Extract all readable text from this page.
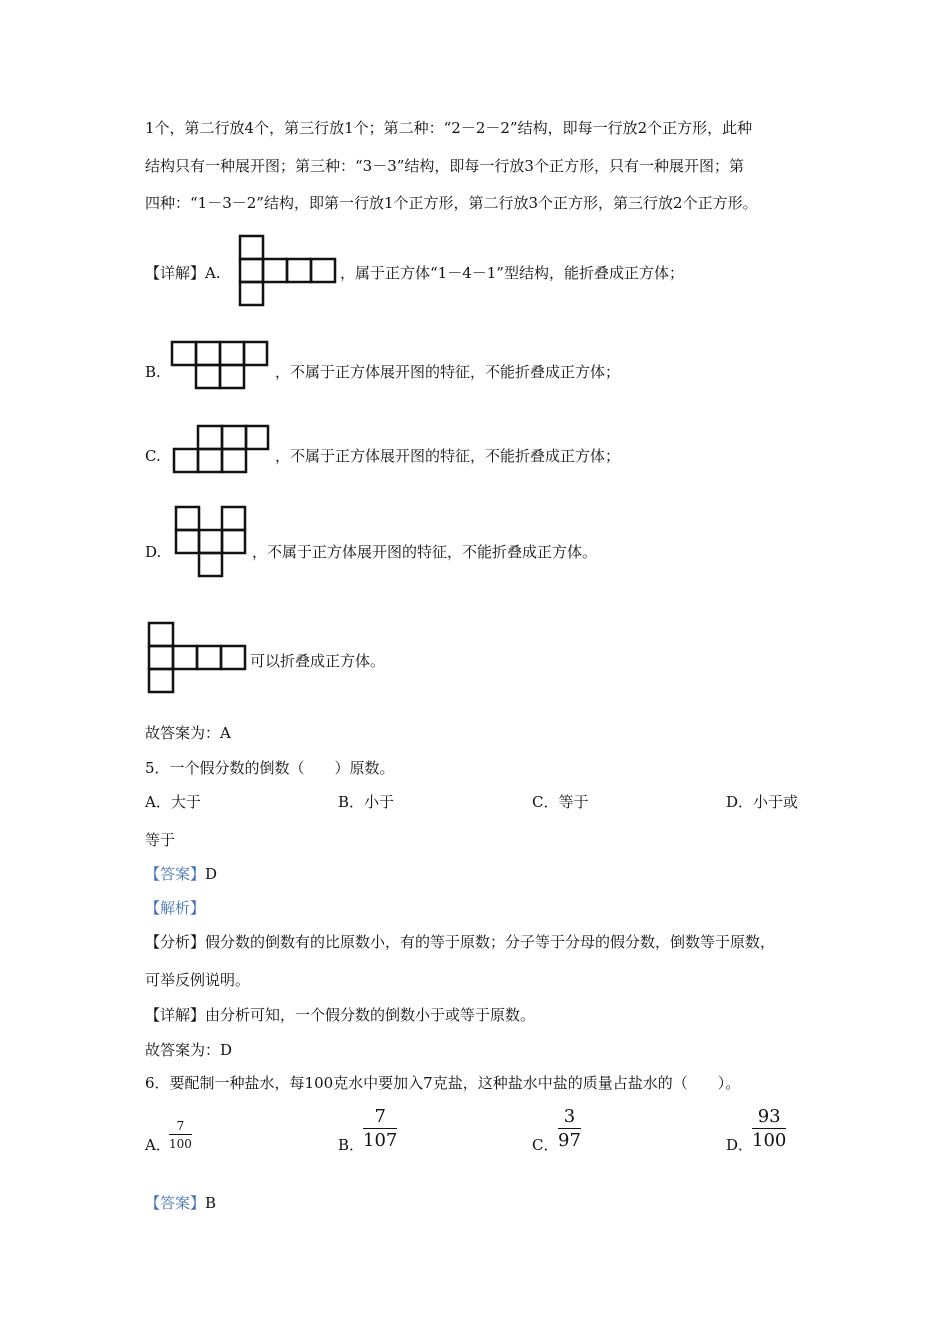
1个，第二行放4个，第三行放1个；第二种：“2－2－2”结构，即每一行放2个正方形，此种
结构只有一种展开图；第三种：“3－3”结构，即每一行放3个正方形，只有一种展开图；第
四种：“1－3－2”结构，即第一行放1个正方形，第二行放3个正方形，第三行放2个正方形。
【详解】A.	，属于正方体“1－4－1”型结构，能折叠成正方体；
B.	，不属于正方体展开图的特征，不能折叠成正方体；
C.	，不属于正方体展开图的特征，不能折叠成正方体；
D.	，不属于正方体展开图的特征，不能折叠成正方体。
可以折叠成正方体。
故答案为：A
5．一个假分数的倒数（　　）原数。
A．大于	B．小于	C．等于	D．小于或
等于
【答案】D
【解析】
【分析】假分数的倒数有的比原数小，有的等于原数；分子等于分母的假分数，倒数等于原数，
可举反例说明。
【详解】由分析可知，一个假分数的倒数小于或等于原数。
故答案为：D
6．要配制一种盐水，每100克水中要加入7克盐，这种盐水中盐的质量占盐水的（　　）。
A．
$\frac{7}{100}$	B．
$\frac{7}{107}$	C． $\frac{3}{97}$	D．
$\frac{93}{100}$
【答案】B
